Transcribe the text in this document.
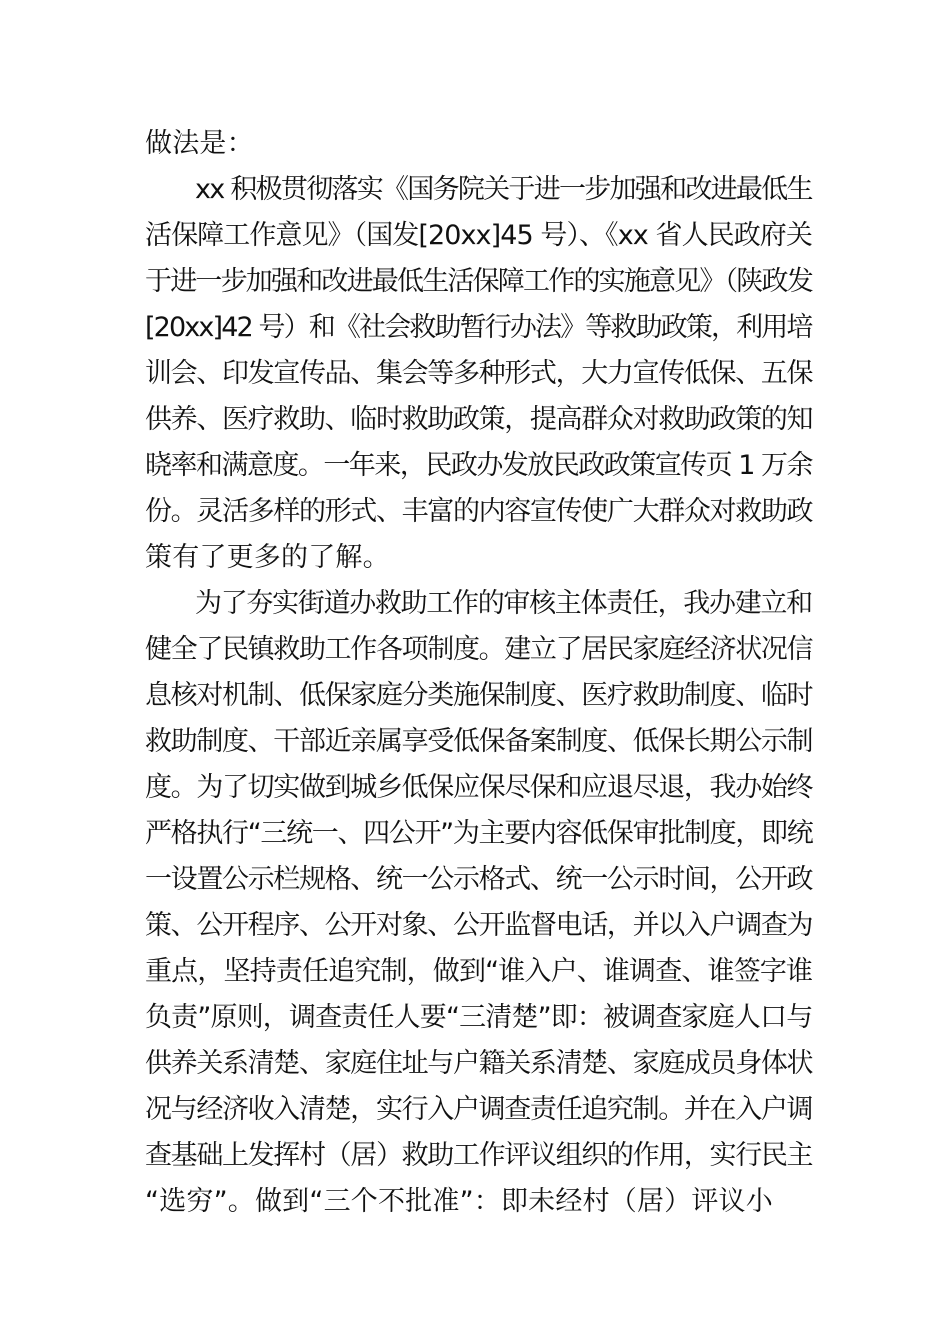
做法是：
xx 积极贯彻落实《国务院关于进一步加强和改进最低生
活保障工作意见》（国发[20xx]45 号）、《xx 省人民政府关
于进一步加强和改进最低生活保障工作的实施意见》（陕政发
[20xx]42 号）和《社会救助暂行办法》等救助政策，利用培
训会、印发宣传品、集会等多种形式，大力宣传低保、五保
供养、医疗救助、临时救助政策，提高群众对救助政策的知
晓率和满意度。一年来，民政办发放民政政策宣传页 1 万余
份。灵活多样的形式、丰富的内容宣传使广大群众对救助政
策有了更多的了解。
为了夯实街道办救助工作的审核主体责任，我办建立和
健全了民镇救助工作各项制度。建立了居民家庭经济状况信
息核对机制、低保家庭分类施保制度、医疗救助制度、临时
救助制度、干部近亲属享受低保备案制度、低保长期公示制
度。为了切实做到城乡低保应保尽保和应退尽退，我办始终
严格执行“三统一、四公开”为主要内容低保审批制度，即统
一设置公示栏规格、统一公示格式、统一公示时间，公开政
策、公开程序、公开对象、公开监督电话，并以入户调查为
重点，坚持责任追究制，做到“谁入户、谁调查、谁签字谁
负责”原则，调查责任人要“三清楚”即：被调查家庭人口与
供养关系清楚、家庭住址与户籍关系清楚、家庭成员身体状
况与经济收入清楚，实行入户调查责任追究制。并在入户调
查基础上发挥村（居）救助工作评议组织的作用，实行民主
“选穷”。做到“三个不批准”：即未经村（居）评议小
